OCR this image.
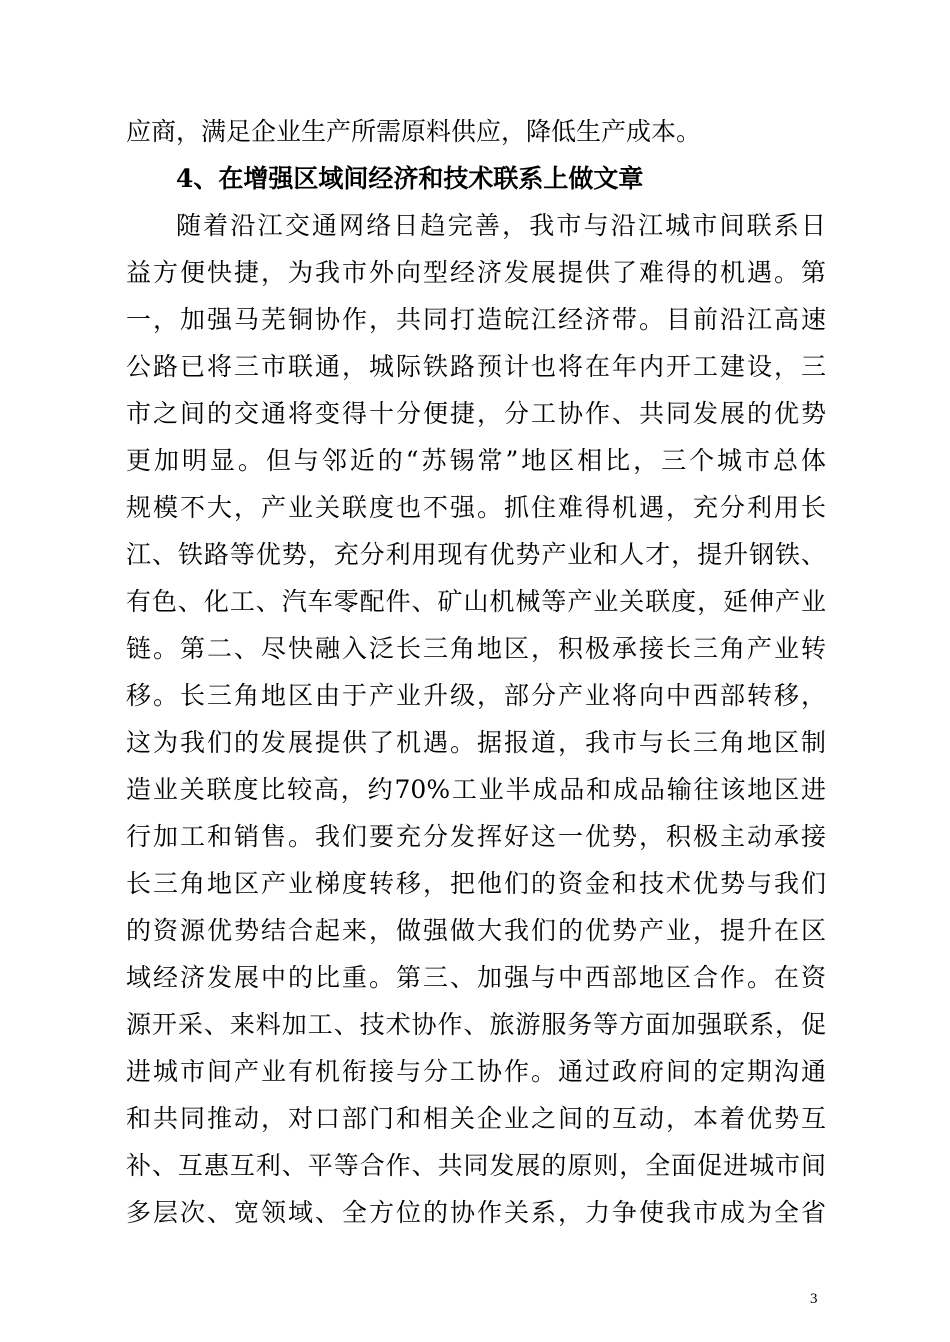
应商，满足企业生产所需原料供应，降低生产成本。
4、在增强区域间经济和技术联系上做文章
随着沿江交通网络日趋完善，我市与沿江城市间联系日
益方便快捷，为我市外向型经济发展提供了难得的机遇。第
一，加强马芜铜协作，共同打造皖江经济带。目前沿江高速
公路已将三市联通，城际铁路预计也将在年内开工建设，三
市之间的交通将变得十分便捷，分工协作、共同发展的优势
更加明显。但与邻近的“苏锡常”地区相比，三个城市总体
规模不大，产业关联度也不强。抓住难得机遇，充分利用长
江、铁路等优势，充分利用现有优势产业和人才，提升钢铁、
有色、化工、汽车零配件、矿山机械等产业关联度，延伸产业
链。第二、尽快融入泛长三角地区，积极承接长三角产业转
移。长三角地区由于产业升级，部分产业将向中西部转移，
这为我们的发展提供了机遇。据报道，我市与长三角地区制
造业关联度比较高，约70%工业半成品和成品输往该地区进
行加工和销售。我们要充分发挥好这一优势，积极主动承接
长三角地区产业梯度转移，把他们的资金和技术优势与我们
的资源优势结合起来，做强做大我们的优势产业，提升在区
域经济发展中的比重。第三、加强与中西部地区合作。在资
源开采、来料加工、技术协作、旅游服务等方面加强联系，促
进城市间产业有机衔接与分工协作。通过政府间的定期沟通
和共同推动，对口部门和相关企业之间的互动，本着优势互
补、互惠互利、平等合作、共同发展的原则，全面促进城市间
多层次、宽领域、全方位的协作关系，力争使我市成为全省
3
